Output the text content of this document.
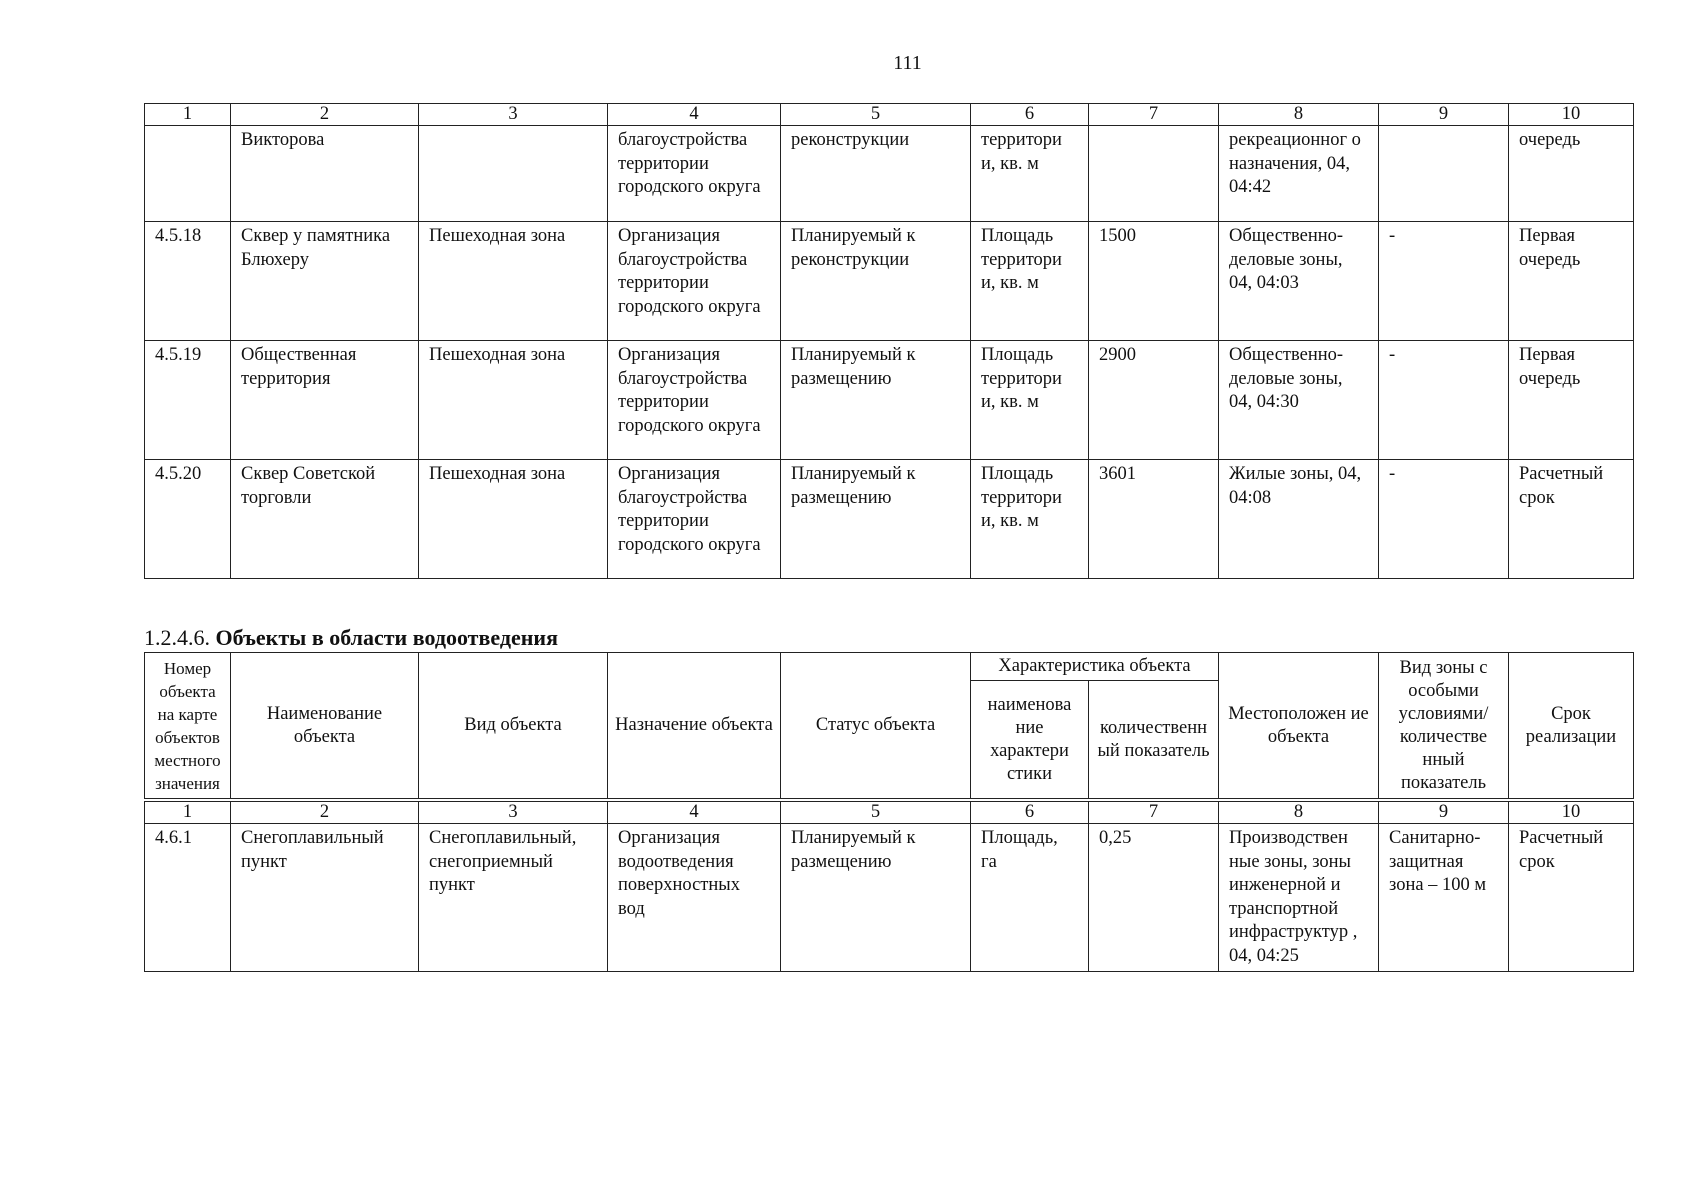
111
1	2	3	4	5	6	7	8	9	10
	Викторова		благоустройства территории городского округа	реконструкции	территори и, кв. м		рекреационног о назначения, 04, 04:42		очередь
4.5.18	Сквер у памятника Блюхеру	Пешеходная зона	Организация благоустройства территории городского округа	Планируемый к реконструкции	Площадь территори и, кв. м	1500	Общественно-деловые зоны, 04, 04:03	-	Первая очередь
4.5.19	Общественная территория	Пешеходная зона	Организация благоустройства территории городского округа	Планируемый к размещению	Площадь территори и, кв. м	2900	Общественно-деловые зоны, 04, 04:30	-	Первая очередь
4.5.20	Сквер Советской торговли	Пешеходная зона	Организация благоустройства территории городского округа	Планируемый к размещению	Площадь территори и, кв. м	3601	Жилые зоны, 04, 04:08	-	Расчетный срок
1.2.4.6. Объекты в области водоотведения
Номер объекта на карте объектов местного значения	Наименование объекта	Вид объекта	Назначение объекта	Статус объекта	Характеристика объекта		Местоположен ие объекта	Вид зоны с особыми условиями/ количестве нный показатель	Срок реализации
					наименова ние характери стики	количественн ый показатель			

1	2	3	4	5	6	7	8	9	10
4.6.1	Снегоплавильный пункт	Снегоплавильный, снегоприемный пункт	Организация водоотведения поверхностных вод	Планируемый к размещению	Площадь, га	0,25	Производствен ные зоны, зоны инженерной и транспортной инфраструктур , 04, 04:25	Санитарно-защитная зона – 100 м	Расчетный срок
